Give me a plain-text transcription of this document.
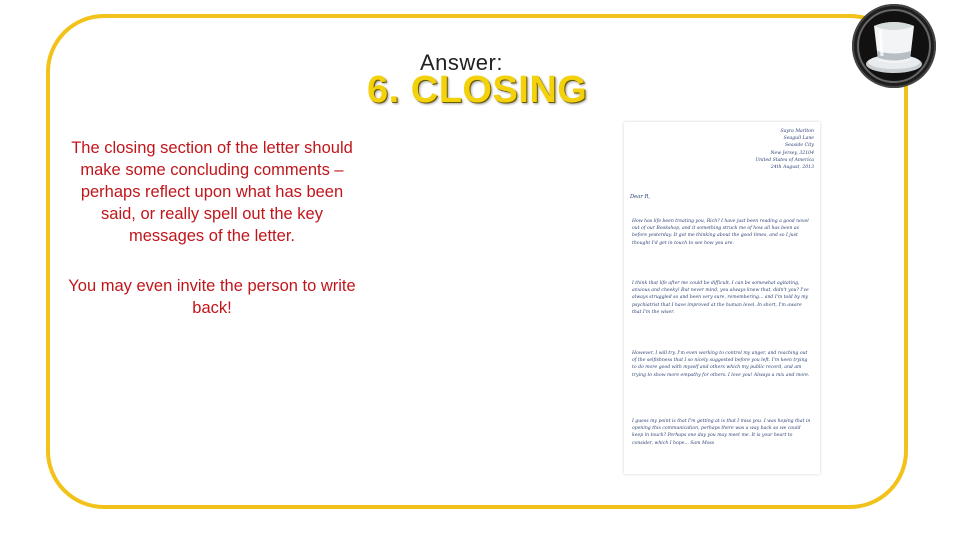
Answer:
6. CLOSING

The closing section of the letter should make some concluding comments – perhaps reflect upon what has been said, or really spell out the key messages of the letter.

You may even invite the person to write back!

Sayra Marlton
Seagull Lane
Seaside City
New Jersey, 32104
United States of America
24th August, 2013
Dear R,
How has life been treating you, Rich? I have just been reading a good novel out of our Bookshop, and it something struck me of how all has been as before yesterday. It got me thinking about the good times, and so I just thought I'd get in touch to see how you are.
I think that life after me could be difficult. I can be somewhat agitating, anxious and cheeky! But never mind, you always knew that, didn't you? I've always struggled so and been very sure, remembering... and I'm told by my psychiatrist that I have improved at the human level. In short, I'm aware that I'm the wiser.
However, I will try. I'm even working to control my anger, and reaching out of the selfishness that I so nicely suggested before you left. I'm keen trying to do more good with myself and others which my public record, and am trying to show more empathy for others. I love you! Always a mix and more.
I guess my point is that I'm getting at is that I miss you. I was hoping that in opening this communication, perhaps there was a way back so we could keep in touch? Perhaps one day you may meet me. It is your heart to consider, which I hope... Sam Moss
